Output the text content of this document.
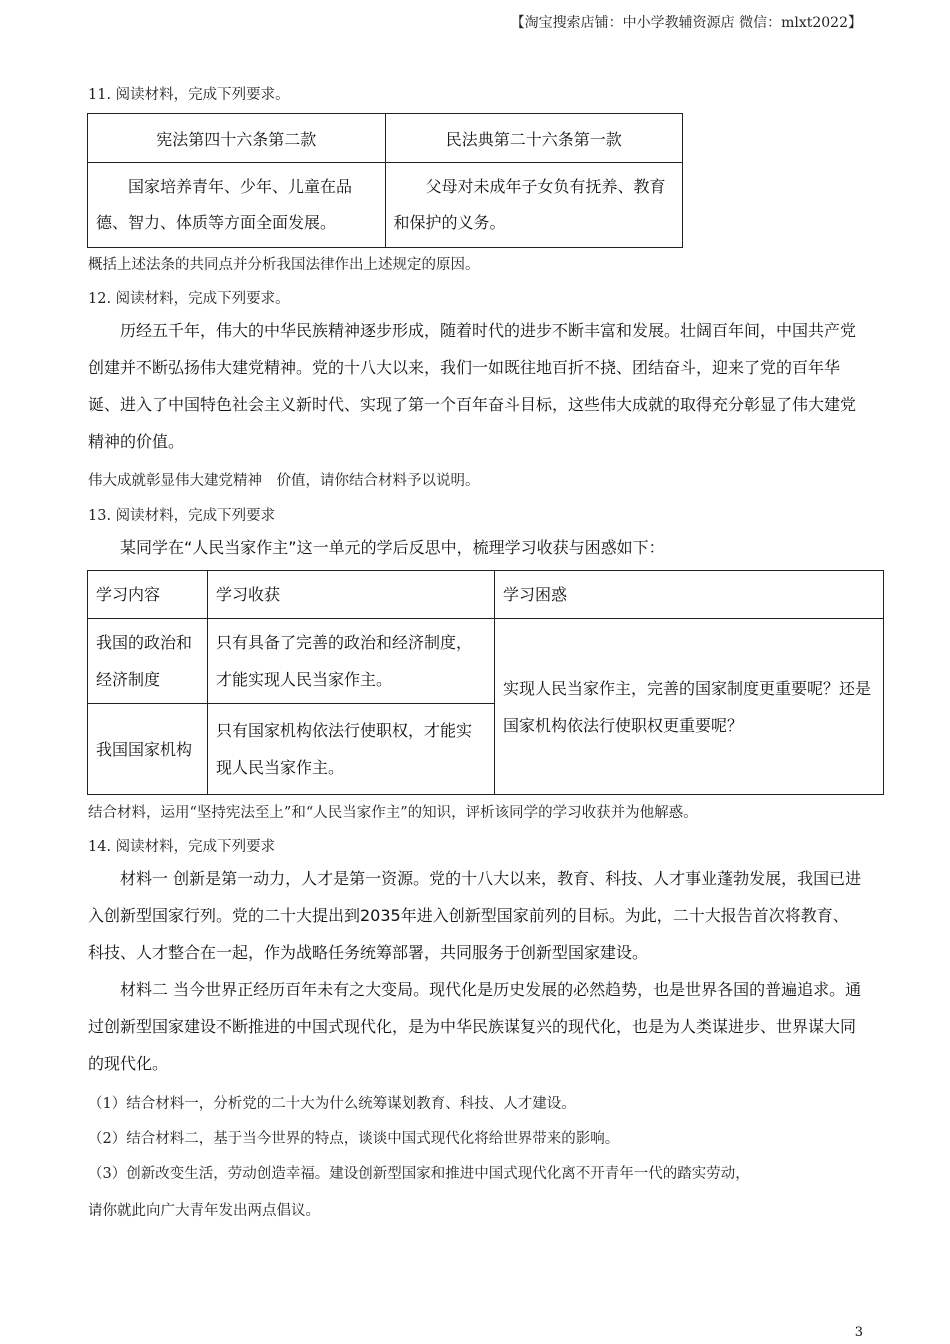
【淘宝搜索店铺：中小学教辅资源店 微信：mlxt2022】
11. 阅读材料，完成下列要求。
宪法第四十六条第二款	民法典第二十六条第一款
国家培养青年、少年、儿童在品德、智力、体质等方面全面发展。	父母对未成年子女负有抚养、教育和保护的义务。
概括上述法条的共同点并分析我国法律作出上述规定的原因。
12. 阅读材料，完成下列要求。
历经五千年，伟大的中华民族精神逐步形成，随着时代的进步不断丰富和发展。壮阔百年间，中国共产党创建并不断弘扬伟大建党精神。党的十八大以来，我们一如既往地百折不挠、团结奋斗，迎来了党的百年华诞、进入了中国特色社会主义新时代、实现了第一个百年奋斗目标，这些伟大成就的取得充分彰显了伟大建党精神的价值。
伟大成就彰显伟大建党精神　价值，请你结合材料予以说明。
13. 阅读材料，完成下列要求
某同学在“人民当家作主”这一单元的学后反思中，梳理学习收获与困惑如下：
学习内容	学习收获	学习困惑
我国的政治和经济制度	只有具备了完善的政治和经济制度，才能实现人民当家作主。	实现人民当家作主，完善的国家制度更重要呢？还是国家机构依法行使职权更重要呢？
我国国家机构	只有国家机构依法行使职权，才能实现人民当家作主。	
结合材料，运用“坚持宪法至上”和“人民当家作主”的知识，评析该同学的学习收获并为他解惑。
14. 阅读材料，完成下列要求
材料一 创新是第一动力，人才是第一资源。党的十八大以来，教育、科技、人才事业蓬勃发展，我国已进入创新型国家行列。党的二十大提出到2035年进入创新型国家前列的目标。为此，二十大报告首次将教育、科技、人才整合在一起，作为战略任务统筹部署，共同服务于创新型国家建设。
材料二 当今世界正经历百年未有之大变局。现代化是历史发展的必然趋势，也是世界各国的普遍追求。通过创新型国家建设不断推进的中国式现代化，是为中华民族谋复兴的现代化，也是为人类谋进步、世界谋大同的现代化。
（1）结合材料一，分析党的二十大为什么统筹谋划教育、科技、人才建设。
（2）结合材料二，基于当今世界的特点，谈谈中国式现代化将给世界带来的影响。
（3）创新改变生活，劳动创造幸福。建设创新型国家和推进中国式现代化离不开青年一代的踏实劳动，
请你就此向广大青年发出两点倡议。
3
